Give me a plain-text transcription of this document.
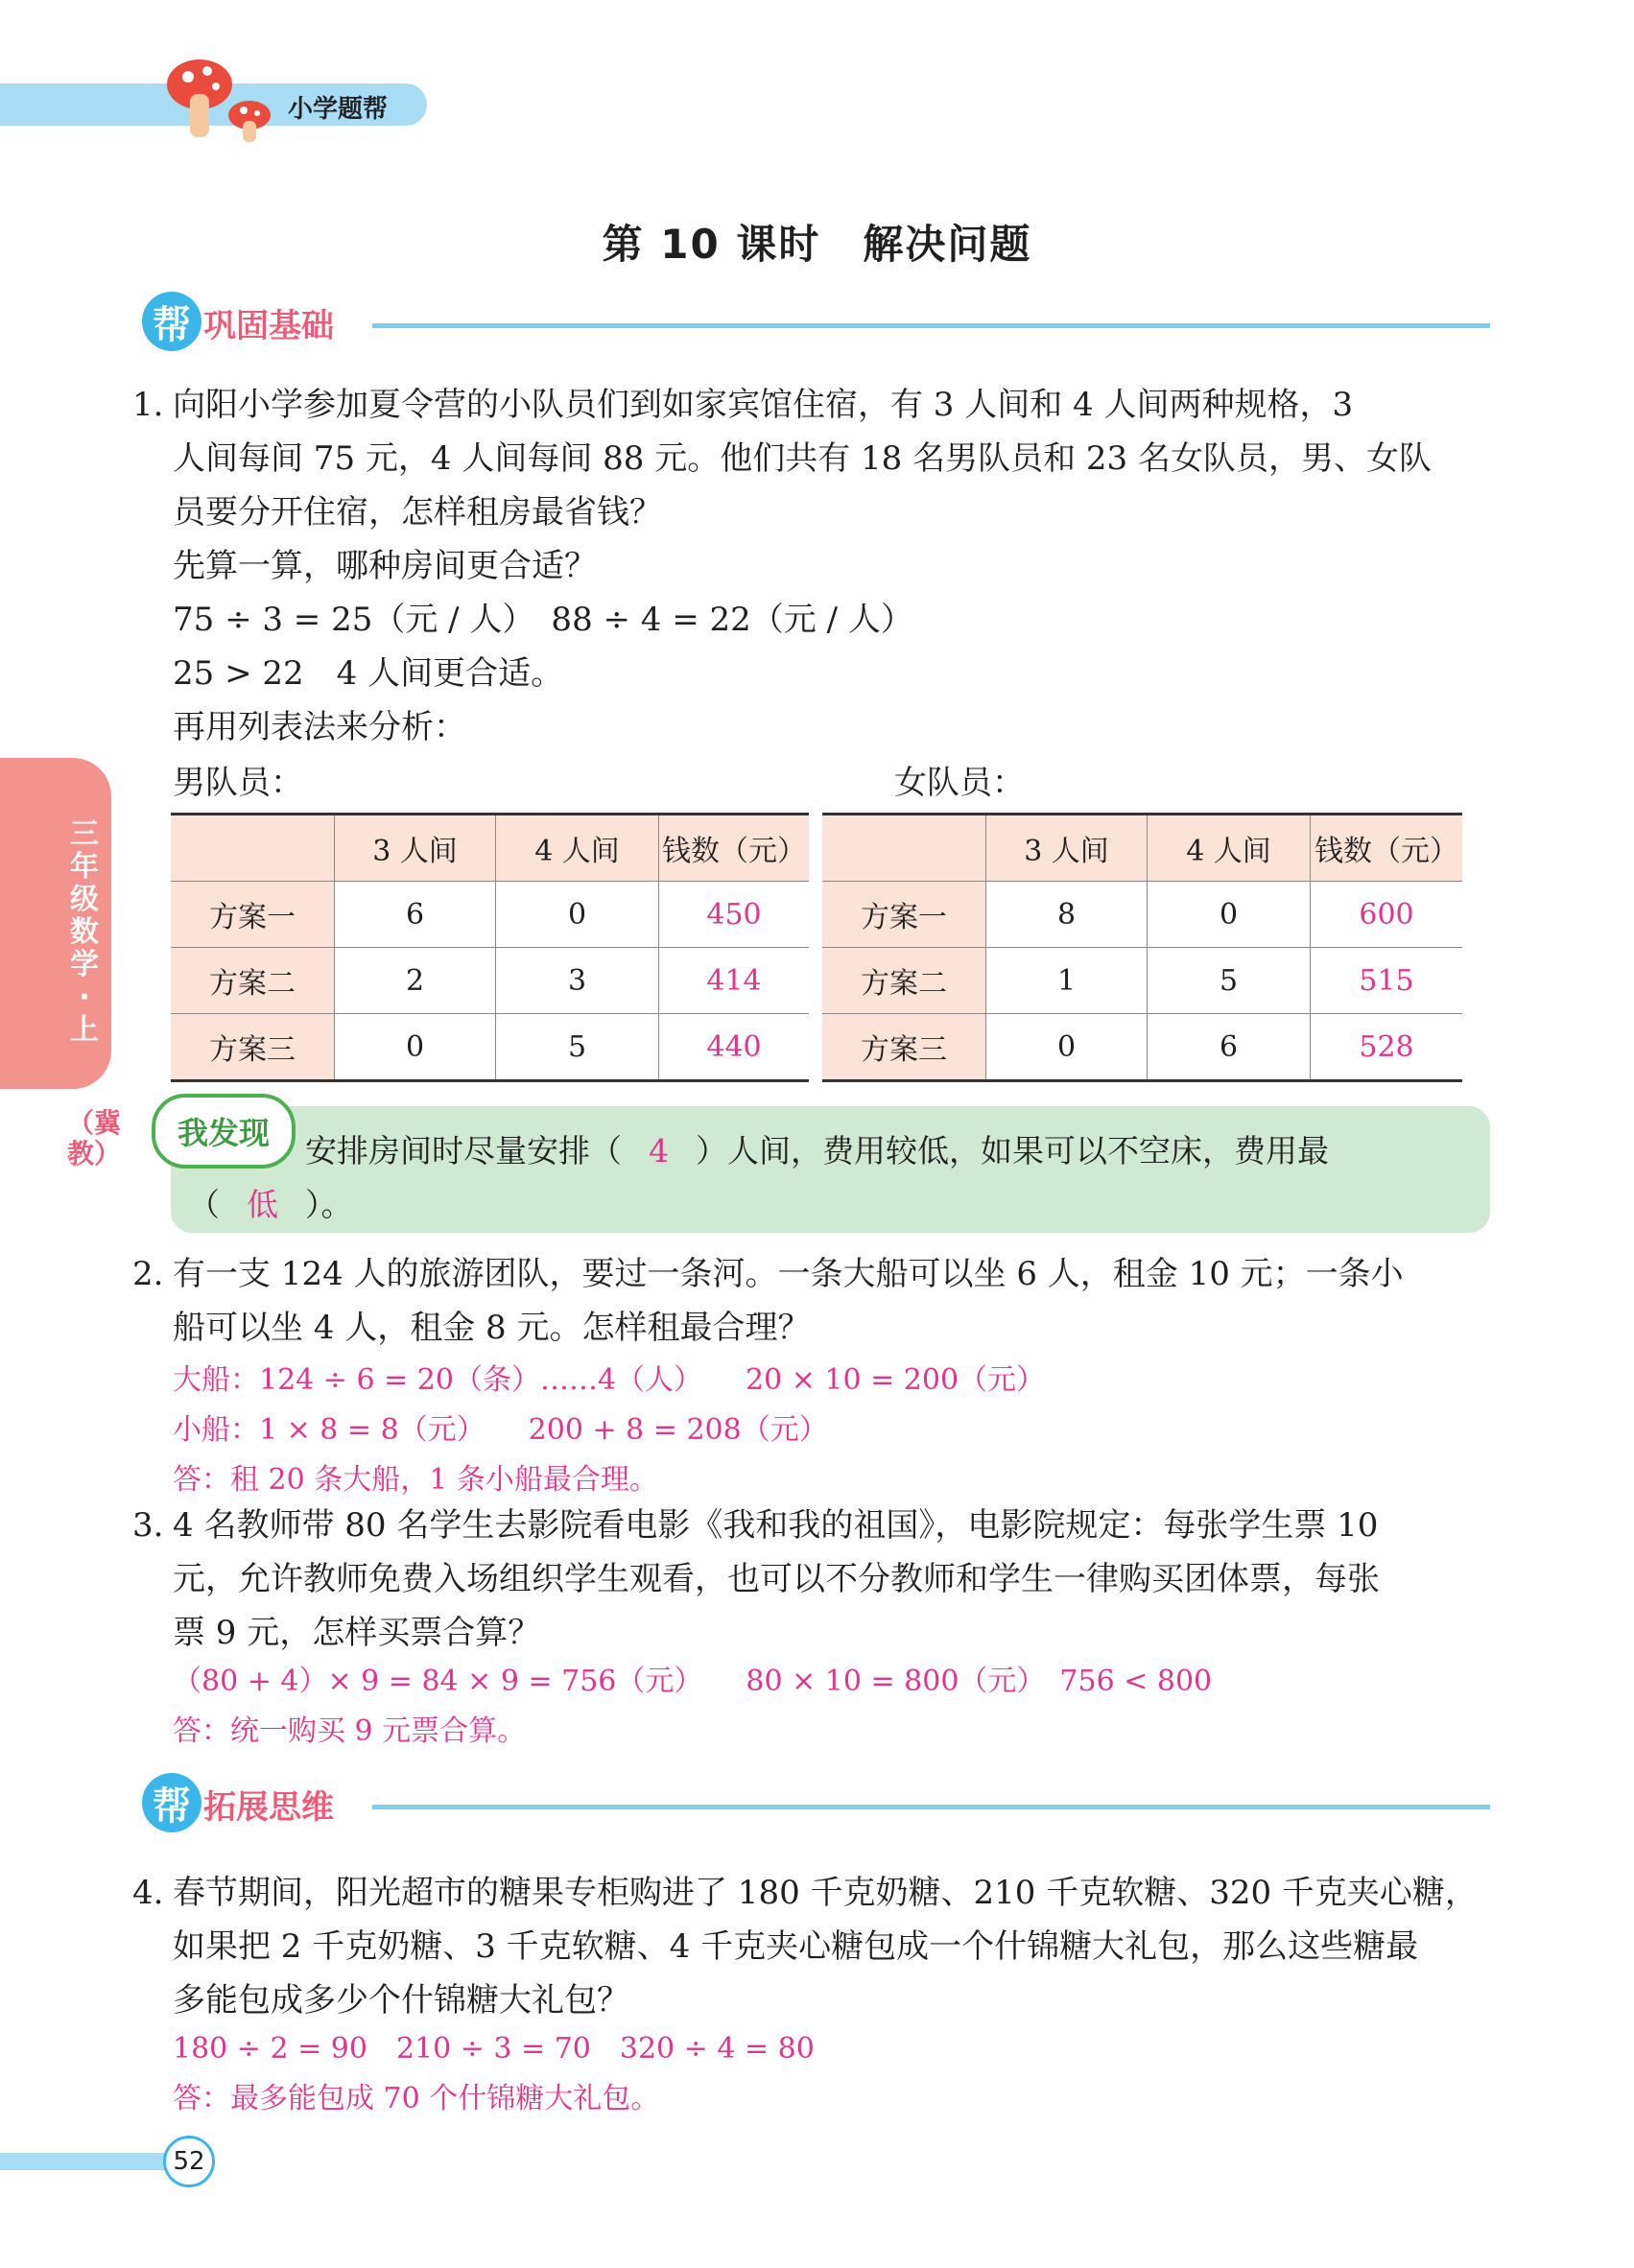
小学题帮
第 10 课时　解决问题
帮 巩固基础
三年级数学·上
（冀教）
1. 向阳小学参加夏令营的小队员们到如家宾馆住宿，有 3 人间和 4 人间两种规格，3
人间每间 75 元，4 人间每间 88 元。他们共有 18 名男队员和 23 名女队员，男、女队
员要分开住宿，怎样租房最省钱？
先算一算，哪种房间更合适？
75 ÷ 3 = 25（元 / 人）　88 ÷ 4 = 22（元 / 人）
25 > 22　4 人间更合适。
再用列表法来分析：
男队员：	女队员：
	3 人间	4 人间	钱数（元）
方案一	6	0	450
方案二	2	3	414
方案三	0	5	440
	3 人间	4 人间	钱数（元）
方案一	8	0	600
方案二	1	5	515
方案三	0	6	528
我发现	安排房间时尽量安排（ 4 ）人间，费用较低，如果可以不空床，费用最
（ 低 ）。
2. 有一支 124 人的旅游团队，要过一条河。一条大船可以坐 6 人，租金 10 元；一条小
船可以坐 4 人，租金 8 元。怎样租最合理？
大船：124 ÷ 6 = 20（条）……4（人）　　20 × 10 = 200（元）
小船：1 × 8 = 8（元）　　200 + 8 = 208（元）
答：租 20 条大船，1 条小船最合理。
3. 4 名教师带 80 名学生去影院看电影《我和我的祖国》，电影院规定：每张学生票 10
元，允许教师免费入场组织学生观看，也可以不分教师和学生一律购买团体票，每张
票 9 元，怎样买票合算？
（80 + 4）× 9 = 84 × 9 = 756（元）　　80 × 10 = 800（元）　756 < 800
答：统一购买 9 元票合算。
帮 拓展思维
4. 春节期间，阳光超市的糖果专柜购进了 180 千克奶糖、210 千克软糖、320 千克夹心糖，
如果把 2 千克奶糖、3 千克软糖、4 千克夹心糖包成一个什锦糖大礼包，那么这些糖最
多能包成多少个什锦糖大礼包？
180 ÷ 2 = 90　210 ÷ 3 = 70　320 ÷ 4 = 80
答：最多能包成 70 个什锦糖大礼包。
52
